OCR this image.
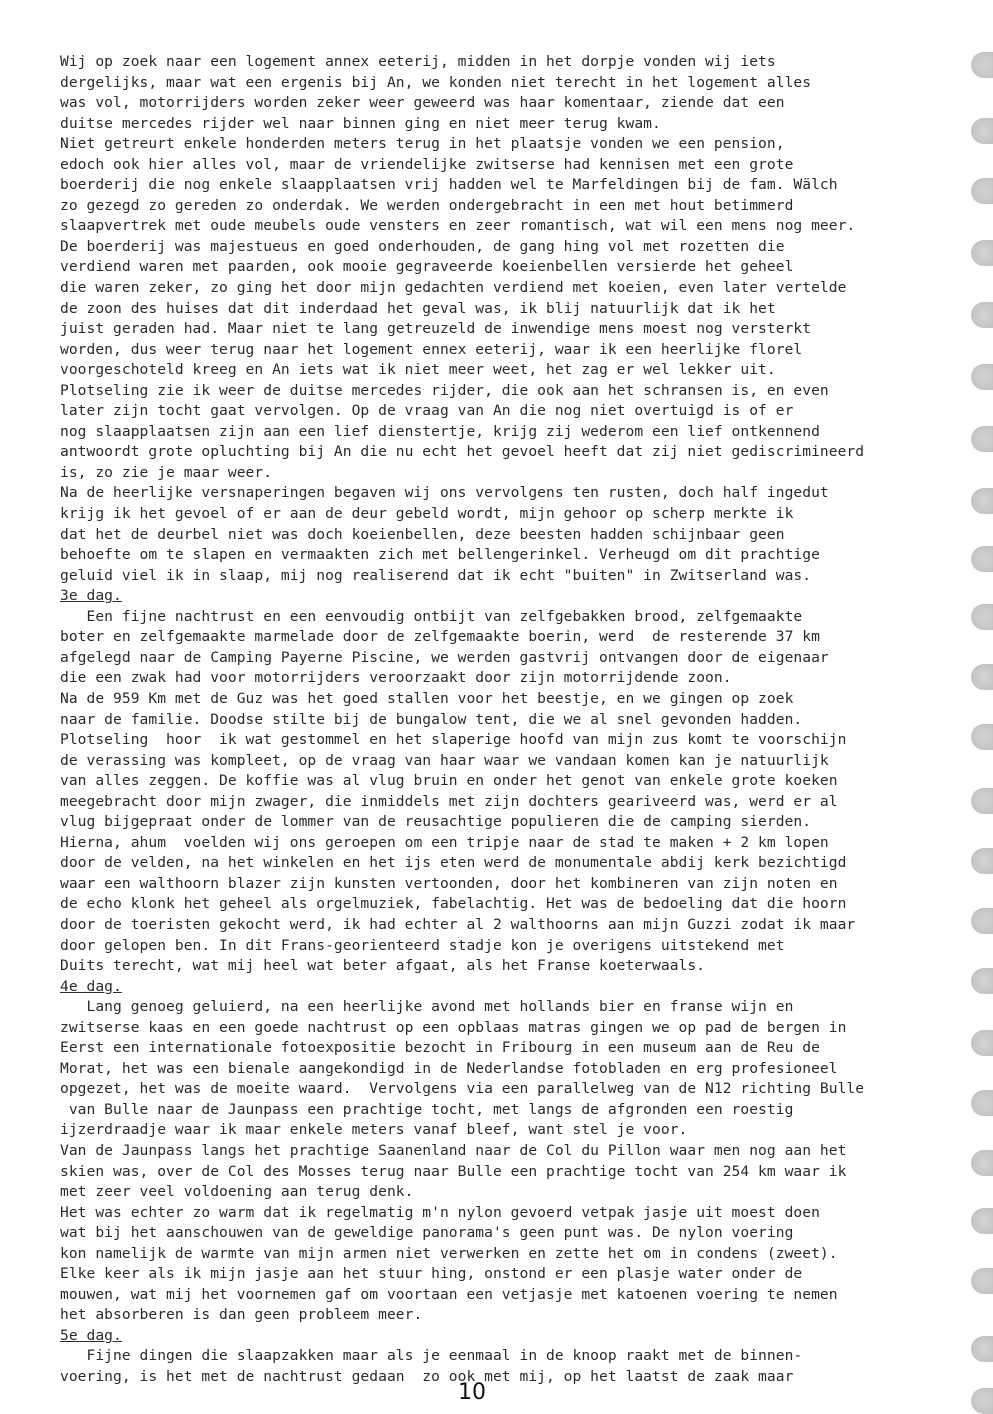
Wij op zoek naar een logement annex eeterij, midden in het dorpje vonden wij iets
dergelijks, maar wat een ergenis bij An, we konden niet terecht in het logement alles
was vol, motorrijders worden zeker weer geweerd was haar komentaar, ziende dat een
duitse mercedes rijder wel naar binnen ging en niet meer terug kwam.
Niet getreurt enkele honderden meters terug in het plaatsje vonden we een pension,
edoch ook hier alles vol, maar de vriendelijke zwitserse had kennisen met een grote
boerderij die nog enkele slaapplaatsen vrij hadden wel te Marfeldingen bij de fam. Wälch
zo gezegd zo gereden zo onderdak. We werden ondergebracht in een met hout betimmerd
slaapvertrek met oude meubels oude vensters en zeer romantisch, wat wil een mens nog meer.
De boerderij was majestueus en goed onderhouden, de gang hing vol met rozetten die
verdiend waren met paarden, ook mooie gegraveerde koeienbellen versierde het geheel
die waren zeker, zo ging het door mijn gedachten verdiend met koeien, even later vertelde
de zoon des huises dat dit inderdaad het geval was, ik blij natuurlijk dat ik het
juist geraden had. Maar niet te lang getreuzeld de inwendige mens moest nog versterkt
worden, dus weer terug naar het logement ennex eeterij, waar ik een heerlijke florel
voorgeschoteld kreeg en An iets wat ik niet meer weet, het zag er wel lekker uit.
Plotseling zie ik weer de duitse mercedes rijder, die ook aan het schransen is, en even
later zijn tocht gaat vervolgen. Op de vraag van An die nog niet overtuigd is of er
nog slaapplaatsen zijn aan een lief dienstertje, krijg zij wederom een lief ontkennend
antwoordt grote opluchting bij An die nu echt het gevoel heeft dat zij niet gediscrimineerd
is, zo zie je maar weer.
Na de heerlijke versnaperingen begaven wij ons vervolgens ten rusten, doch half ingedut
krijg ik het gevoel of er aan de deur gebeld wordt, mijn gehoor op scherp merkte ik
dat het de deurbel niet was doch koeienbellen, deze beesten hadden schijnbaar geen
behoefte om te slapen en vermaakten zich met bellengerinkel. Verheugd om dit prachtige
geluid viel ik in slaap, mij nog realiserend dat ik echt "buiten" in Zwitserland was.
3e dag.
Een fijne nachtrust en een eenvoudig ontbijt van zelfgebakken brood, zelfgemaakte
boter en zelfgemaakte marmelade door de zelfgemaakte boerin, werd  de resterende 37 km
afgelegd naar de Camping Payerne Piscine, we werden gastvrij ontvangen door de eigenaar
die een zwak had voor motorrijders veroorzaakt door zijn motorrijdende zoon.
Na de 959 Km met de Guz was het goed stallen voor het beestje, en we gingen op zoek
naar de familie. Doodse stilte bij de bungalow tent, die we al snel gevonden hadden.
Plotseling  hoor  ik wat gestommel en het slaperige hoofd van mijn zus komt te voorschijn
de verassing was kompleet, op de vraag van haar waar we vandaan komen kan je natuurlijk
van alles zeggen. De koffie was al vlug bruin en onder het genot van enkele grote koeken
meegebracht door mijn zwager, die inmiddels met zijn dochters geariveerd was, werd er al
vlug bijgepraat onder de lommer van de reusachtige populieren die de camping sierden.
Hierna, ahum  voelden wij ons geroepen om een tripje naar de stad te maken + 2 km lopen
door de velden, na het winkelen en het ijs eten werd de monumentale abdij kerk bezichtigd
waar een walthoorn blazer zijn kunsten vertoonden, door het kombineren van zijn noten en
de echo klonk het geheel als orgelmuziek, fabelachtig. Het was de bedoeling dat die hoorn
door de toeristen gekocht werd, ik had echter al 2 walthoorns aan mijn Guzzi zodat ik maar
door gelopen ben. In dit Frans-georienteerd stadje kon je overigens uitstekend met
Duits terecht, wat mij heel wat beter afgaat, als het Franse koeterwaals.
4e dag.
Lang genoeg geluierd, na een heerlijke avond met hollands bier en franse wijn en
zwitserse kaas en een goede nachtrust op een opblaas matras gingen we op pad de bergen in
Eerst een internationale fotoexpositie bezocht in Fribourg in een museum aan de Reu de
Morat, het was een bienale aangekondigd in de Nederlandse fotobladen en erg profesioneel
opgezet, het was de moeite waard.  Vervolgens via een parallelweg van de N12 richting Bulle
van Bulle naar de Jaunpass een prachtige tocht, met langs de afgronden een roestig
ijzerdraadje waar ik maar enkele meters vanaf bleef, want stel je voor.
Van de Jaunpass langs het prachtige Saanenland naar de Col du Pillon waar men nog aan het
skien was, over de Col des Mosses terug naar Bulle een prachtige tocht van 254 km waar ik
met zeer veel voldoening aan terug denk.
Het was echter zo warm dat ik regelmatig m'n nylon gevoerd vetpak jasje uit moest doen
wat bij het aanschouwen van de geweldige panorama's geen punt was. De nylon voering
kon namelijk de warmte van mijn armen niet verwerken en zette het om in condens (zweet).
Elke keer als ik mijn jasje aan het stuur hing, onstond er een plasje water onder de
mouwen, wat mij het voornemen gaf om voortaan een vetjasje met katoenen voering te nemen
het absorberen is dan geen probleem meer.
5e dag.
Fijne dingen die slaapzakken maar als je eenmaal in de knoop raakt met de binnen-
voering, is het met de nachtrust gedaan  zo ook met mij, op het laatst de zaak maar
10
